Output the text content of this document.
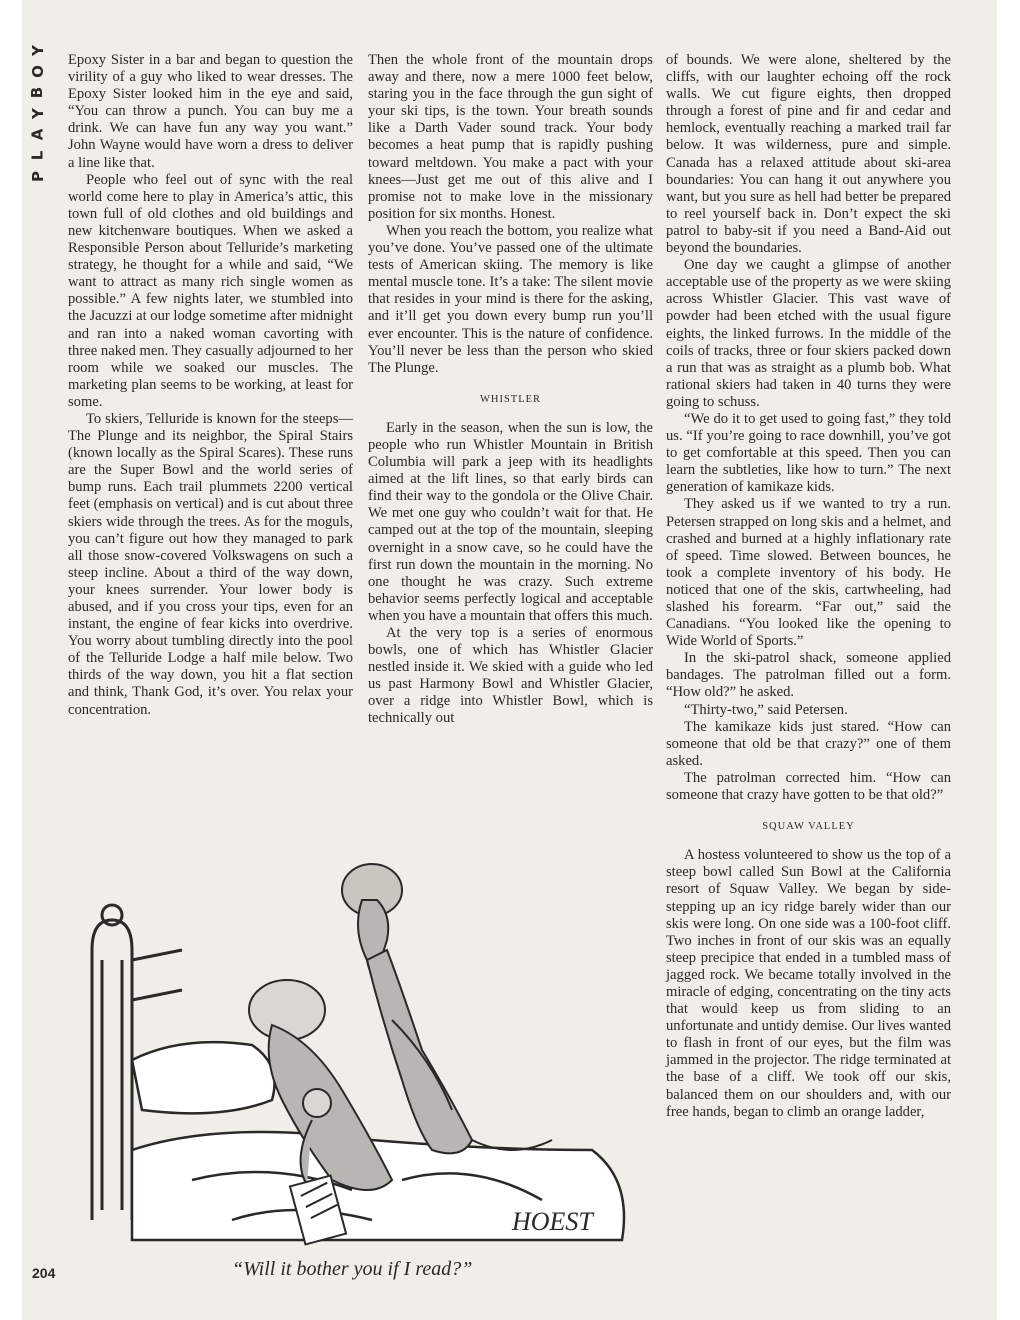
Y
O
B
Y
A
L
P

Epoxy Sister in a bar and began to question the virility of a guy who liked to wear dresses. The Epoxy Sister looked him in the eye and said, “You can throw a punch. You can buy me a drink. We can have fun any way you want.” John Wayne would have worn a dress to deliver a line like that.

People who feel out of sync with the real world come here to play in America’s attic, this town full of old clothes and old buildings and new kitchenware boutiques. When we asked a Responsible Person about Telluride’s marketing strategy, he thought for a while and said, “We want to attract as many rich single women as possible.” A few nights later, we stumbled into the Jacuzzi at our lodge sometime after midnight and ran into a naked woman cavorting with three naked men. They casually adjourned to her room while we soaked our muscles. The marketing plan seems to be working, at least for some.

To skiers, Telluride is known for the steeps—The Plunge and its neighbor, the Spiral Stairs (known locally as the Spiral Scares). These runs are the Super Bowl and the world series of bump runs. Each trail plummets 2200 vertical feet (emphasis on vertical) and is cut about three skiers wide through the trees. As for the moguls, you can’t figure out how they managed to park all those snow-covered Volkswagens on such a steep incline. About a third of the way down, your knees surrender. Your lower body is abused, and if you cross your tips, even for an instant, the engine of fear kicks into overdrive. You worry about tumbling directly into the pool of the Telluride Lodge a half mile below. Two thirds of the way down, you hit a flat section and think, Thank God, it’s over. You relax your concentration.

Then the whole front of the mountain drops away and there, now a mere 1000 feet below, staring you in the face through the gun sight of your ski tips, is the town. Your breath sounds like a Darth Vader sound track. Your body becomes a heat pump that is rapidly pushing toward meltdown. You make a pact with your knees—Just get me out of this alive and I promise not to make love in the missionary position for six months. Honest.

When you reach the bottom, you realize what you’ve done. You’ve passed one of the ultimate tests of American skiing. The memory is like mental muscle tone. It’s a take: The silent movie that resides in your mind is there for the asking, and it’ll get you down every bump run you’ll ever encounter. This is the nature of confidence. You’ll never be less than the person who skied The Plunge.

WHISTLER

Early in the season, when the sun is low, the people who run Whistler Mountain in British Columbia will park a jeep with its headlights aimed at the lift lines, so that early birds can find their way to the gondola or the Olive Chair. We met one guy who couldn’t wait for that. He camped out at the top of the mountain, sleeping overnight in a snow cave, so he could have the first run down the mountain in the morning. No one thought he was crazy. Such extreme behavior seems perfectly logical and acceptable when you have a mountain that offers this much.

At the very top is a series of enormous bowls, one of which has Whistler Glacier nestled inside it. We skied with a guide who led us past Harmony Bowl and Whistler Glacier, over a ridge into Whistler Bowl, which is technically out

of bounds. We were alone, sheltered by the cliffs, with our laughter echoing off the rock walls. We cut figure eights, then dropped through a forest of pine and fir and cedar and hemlock, eventually reaching a marked trail far below. It was wilderness, pure and simple. Canada has a relaxed attitude about ski-area boundaries: You can hang it out anywhere you want, but you sure as hell had better be prepared to reel yourself back in. Don’t expect the ski patrol to baby-sit if you need a Band-Aid out beyond the boundaries.

One day we caught a glimpse of another acceptable use of the property as we were skiing across Whistler Glacier. This vast wave of powder had been etched with the usual figure eights, the linked furrows. In the middle of the coils of tracks, three or four skiers packed down a run that was as straight as a plumb bob. What rational skiers had taken in 40 turns they were going to schuss.

“We do it to get used to going fast,” they told us. “If you’re going to race downhill, you’ve got to get comfortable at this speed. Then you can learn the subtleties, like how to turn.” The next generation of kamikaze kids.

They asked us if we wanted to try a run. Petersen strapped on long skis and a helmet, and crashed and burned at a highly inflationary rate of speed. Time slowed. Between bounces, he took a complete inventory of his body. He noticed that one of the skis, cartwheeling, had slashed his forearm. “Far out,” said the Canadians. “You looked like the opening to Wide World of Sports.”

In the ski-patrol shack, someone applied bandages. The patrolman filled out a form. “How old?” he asked.

“Thirty-two,” said Petersen.

The kamikaze kids just stared. “How can someone that old be that crazy?” one of them asked.

The patrolman corrected him. “How can someone that crazy have gotten to be that old?”

SQUAW VALLEY

A hostess volunteered to show us the top of a steep bowl called Sun Bowl at the California resort of Squaw Valley. We began by side-stepping up an icy ridge barely wider than our skis were long. On one side was a 100-foot cliff. Two inches in front of our skis was an equally steep precipice that ended in a tumbled mass of jagged rock. We became totally involved in the miracle of edging, concentrating on the tiny acts that would keep us from sliding to an unfortunate and untidy demise. Our lives wanted to flash in front of our eyes, but the film was jammed in the projector. The ridge terminated at the base of a cliff. We took off our skis, balanced them on our shoulders and, with our free hands, began to climb an orange ladder,

HOEST
“Will it bother you if I read?”
204
